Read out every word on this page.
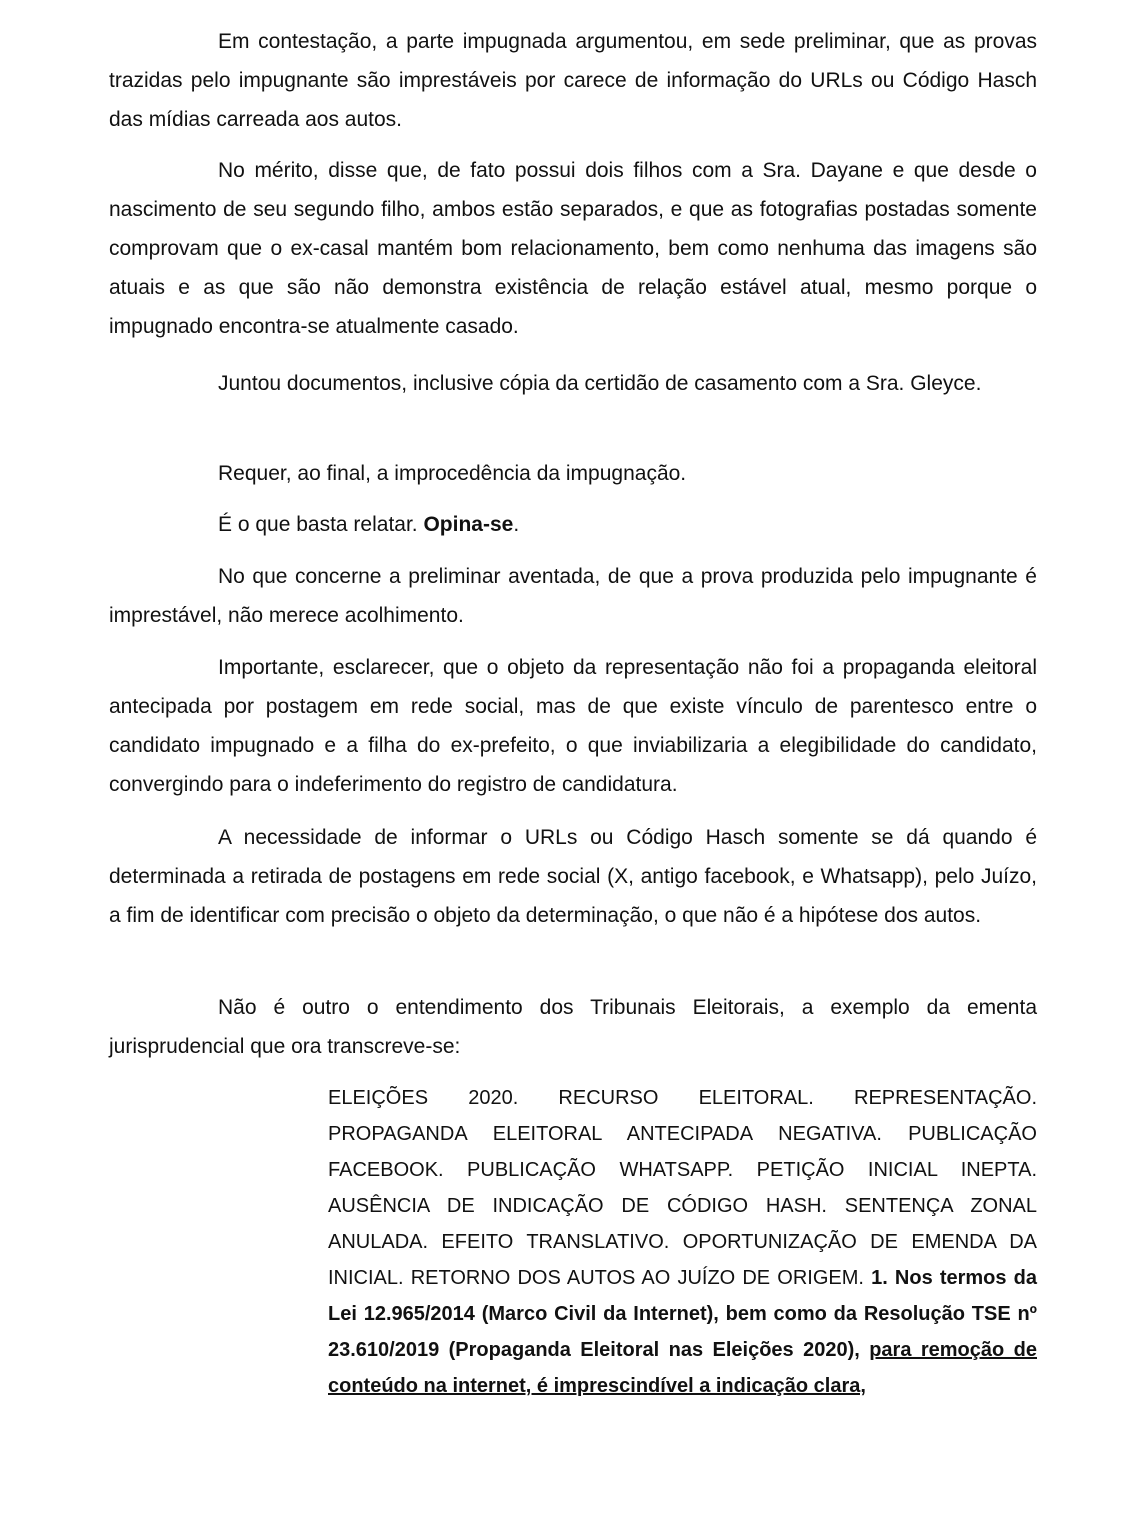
Em contestação, a parte impugnada argumentou, em sede preliminar, que as provas trazidas pelo impugnante são imprestáveis por carece de informação do URLs ou Código Hasch das mídias carreada aos autos.

No mérito, disse que, de fato possui dois filhos com a Sra. Dayane e que desde o nascimento de seu segundo filho, ambos estão separados, e que as fotografias postadas somente comprovam que o ex-casal mantém bom relacionamento, bem como nenhuma das imagens são atuais e as que são não demonstra existência de relação estável atual, mesmo porque o impugnado encontra-se atualmente casado.

Juntou documentos, inclusive cópia da certidão de casamento com a Sra. Gleyce.

Requer, ao final, a improcedência da impugnação.

É o que basta relatar. Opina-se.

No que concerne a preliminar aventada, de que a prova produzida pelo impugnante é imprestável, não merece acolhimento.

Importante, esclarecer, que o objeto da representação não foi a propaganda eleitoral antecipada por postagem em rede social, mas de que existe vínculo de parentesco entre o candidato impugnado e a filha do ex-prefeito, o que inviabilizaria a elegibilidade do candidato, convergindo para o indeferimento do registro de candidatura.

A necessidade de informar o URLs ou Código Hasch somente se dá quando é determinada a retirada de postagens em rede social (X, antigo facebook, e Whatsapp), pelo Juízo, a fim de identificar com precisão o objeto da determinação, o que não é a hipótese dos autos.

Não é outro o entendimento dos Tribunais Eleitorais, a exemplo da ementa jurisprudencial que ora transcreve-se:

ELEIÇÕES 2020. RECURSO ELEITORAL. REPRESENTAÇÃO. PROPAGANDA ELEITORAL ANTECIPADA NEGATIVA. PUBLICAÇÃO FACEBOOK. PUBLICAÇÃO WHATSAPP. PETIÇÃO INICIAL INEPTA. AUSÊNCIA DE INDICAÇÃO DE CÓDIGO HASH. SENTENÇA ZONAL ANULADA. EFEITO TRANSLATIVO. OPORTUNIZAÇÃO DE EMENDA DA INICIAL. RETORNO DOS AUTOS AO JUÍZO DE ORIGEM. 1. Nos termos da Lei 12.965/2014 (Marco Civil da Internet), bem como da Resolução TSE nº 23.610/2019 (Propaganda Eleitoral nas Eleições 2020), para remoção de conteúdo na internet, é imprescindível a indicação clara,
